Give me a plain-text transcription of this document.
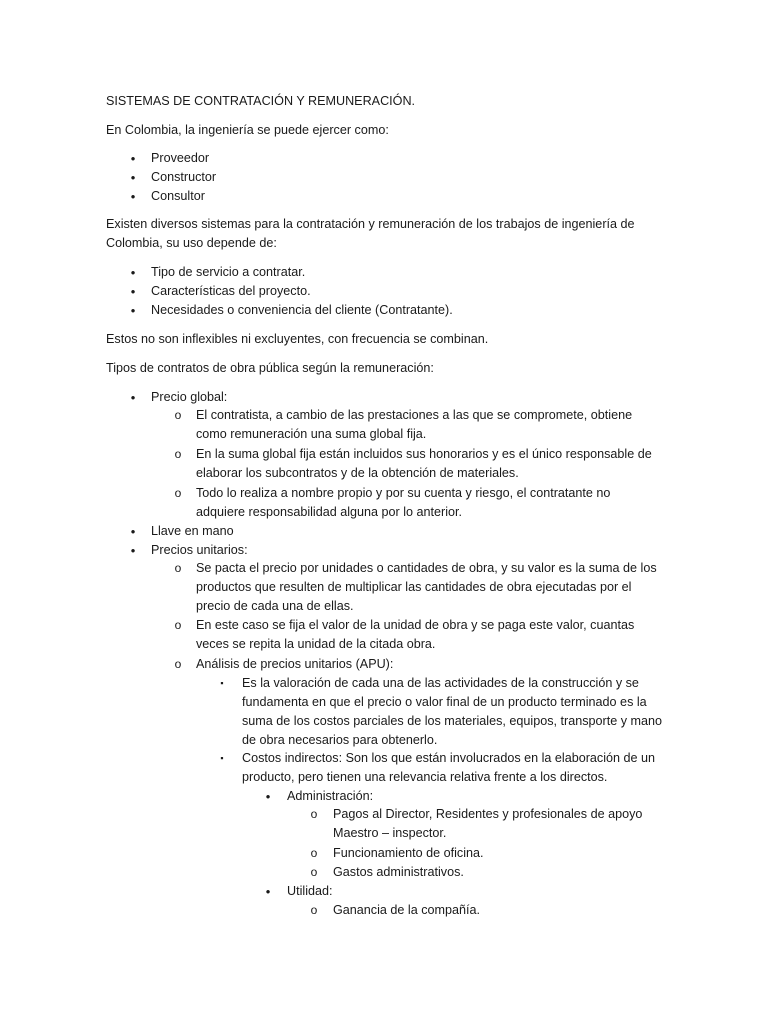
SISTEMAS DE CONTRATACIÓN Y REMUNERACIÓN.

En Colombia, la ingeniería se puede ejercer como:

•	Proveedor

•	Constructor

•	Consultor

Existen diversos sistemas para la contratación y remuneración de los trabajos de ingeniería de

Colombia, su uso depende de:

•	Tipo de servicio a contratar.

•	Características del proyecto.

•	Necesidades o conveniencia del cliente (Contratante).

Estos no son inflexibles ni excluyentes, con frecuencia se combinan.

Tipos de contratos de obra pública según la remuneración:

•	Precio global:

o El contratista, a cambio de las prestaciones a las que se compromete, obtiene

como remuneración una suma global fija.

o En la suma global fija están incluidos sus honorarios y es el único responsable de

elaborar los subcontratos y de la obtención de materiales.

o Todo lo realiza a nombre propio y por su cuenta y riesgo, el contratante no

adquiere responsabilidad alguna por lo anterior.

•	Llave en mano

•	Precios unitarios:

o Se pacta el precio por unidades o cantidades de obra, y su valor es la suma de los

productos que resulten de multiplicar las cantidades de obra ejecutadas por el

precio de cada una de ellas.

o En este caso se fija el valor de la unidad de obra y se paga este valor, cuantas

veces se repita la unidad de la citada obra.

o Análisis de precios unitarios (APU):

▪	Es la valoración de cada una de las actividades de la construcción y se

fundamenta en que el precio o valor final de un producto terminado es la

suma de los costos parciales de los materiales, equipos, transporte y mano

de obra necesarios para obtenerlo.

▪	Costos indirectos: Son los que están involucrados en la elaboración de un

producto, pero tienen una relevancia relativa frente a los directos.

•	Administración:

o Pagos al Director, Residentes y profesionales de apoyo

Maestro – inspector.

o Funcionamiento de oficina.

o Gastos administrativos.

•	Utilidad:

o Ganancia de la compañía.
